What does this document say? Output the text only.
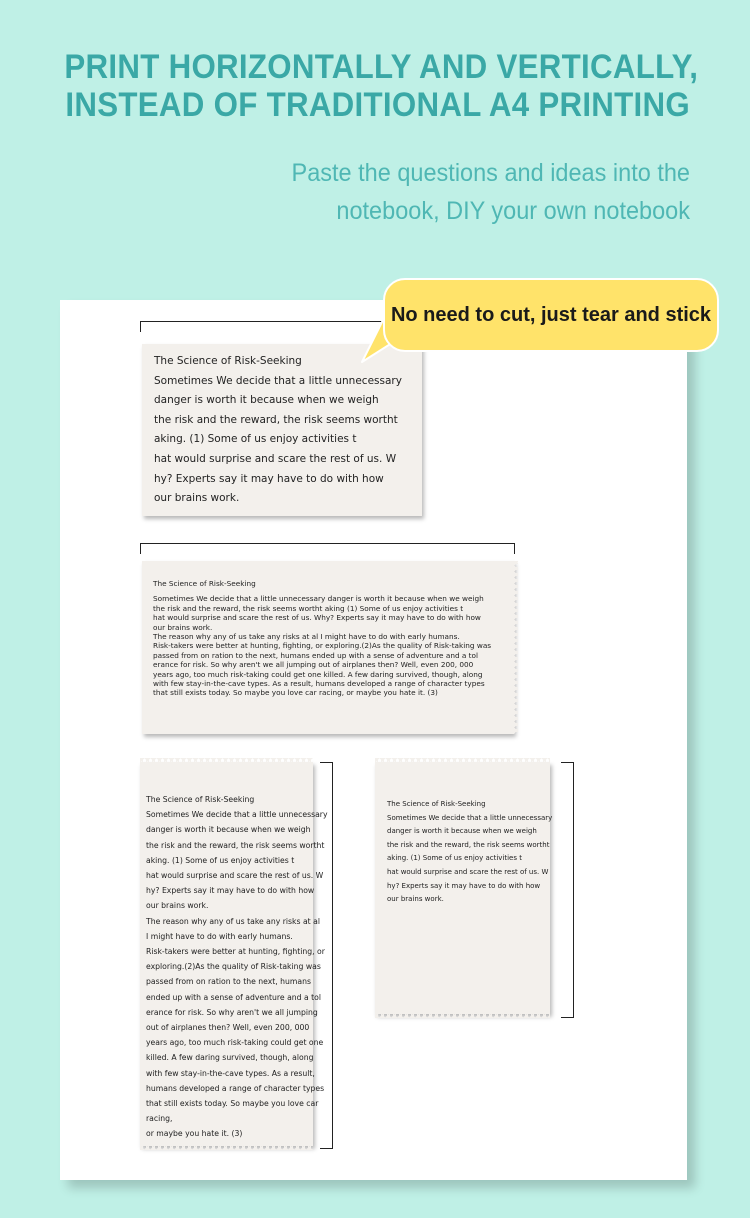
PRINT HORIZONTALLY AND VERTICALLY,
INSTEAD OF TRADITIONAL A4 PRINTING
Paste the questions and ideas into the
notebook, DIY your own notebook
The Science of Risk-Seeking
Sometimes We decide that a little unnecessary
danger is worth it because when we weigh
the risk and the reward, the risk seems wortht
aking. (1) Some of us enjoy activities t
hat would surprise and scare the rest of us. W
hy? Experts say it may have to do with how
our brains work.
The Science of Risk-Seeking
Sometimes We decide that a little unnecessary danger is worth it because when we weigh
the risk and the reward, the risk seems wortht aking (1) Some of us enjoy activities t
hat would surprise and scare the rest of us. Why? Experts say it may have to do with how
our brains work.
The reason why any of us take any risks at al I might have to do with early humans.
Risk-takers were better at hunting, fighting, or exploring.(2)As the quality of Risk-taking was
passed from on ration to the next, humans ended up with a sense of adventure and a tol
erance for risk. So why aren't we all jumping out of airplanes then? Well, even 200, 000
years ago, too much risk-taking could get one killed. A few daring survived, though, along
with few stay-in-the-cave types. As a result, humans developed a range of character types
that still exists today. So maybe you love car racing, or maybe you hate it. (3)
The Science of Risk-Seeking
Sometimes We decide that a little unnecessary
danger is worth it because when we weigh
the risk and the reward, the risk seems wortht
aking. (1) Some of us enjoy activities t
hat would surprise and scare the rest of us. W
hy? Experts say it may have to do with how
our brains work.
The reason why any of us take any risks at al
I might have to do with early humans.
Risk-takers were better at hunting, fighting, or
exploring.(2)As the quality of Risk-taking was
passed from on ration to the next, humans
ended up with a sense of adventure and a tol
erance for risk. So why aren't we all jumping
out of airplanes then? Well, even 200, 000
years ago, too much risk-taking could get one
killed. A few daring survived, though, along
with few stay-in-the-cave types. As a result,
humans developed a range of character types
that still exists today. So maybe you love car
racing,
or maybe you hate it. (3)
The Science of Risk-Seeking
Sometimes We decide that a little unnecessary
danger is worth it because when we weigh
the risk and the reward, the risk seems wortht
aking. (1) Some of us enjoy activities t
hat would surprise and scare the rest of us. W
hy? Experts say it may have to do with how
our brains work.
No need to cut, just tear and stick
